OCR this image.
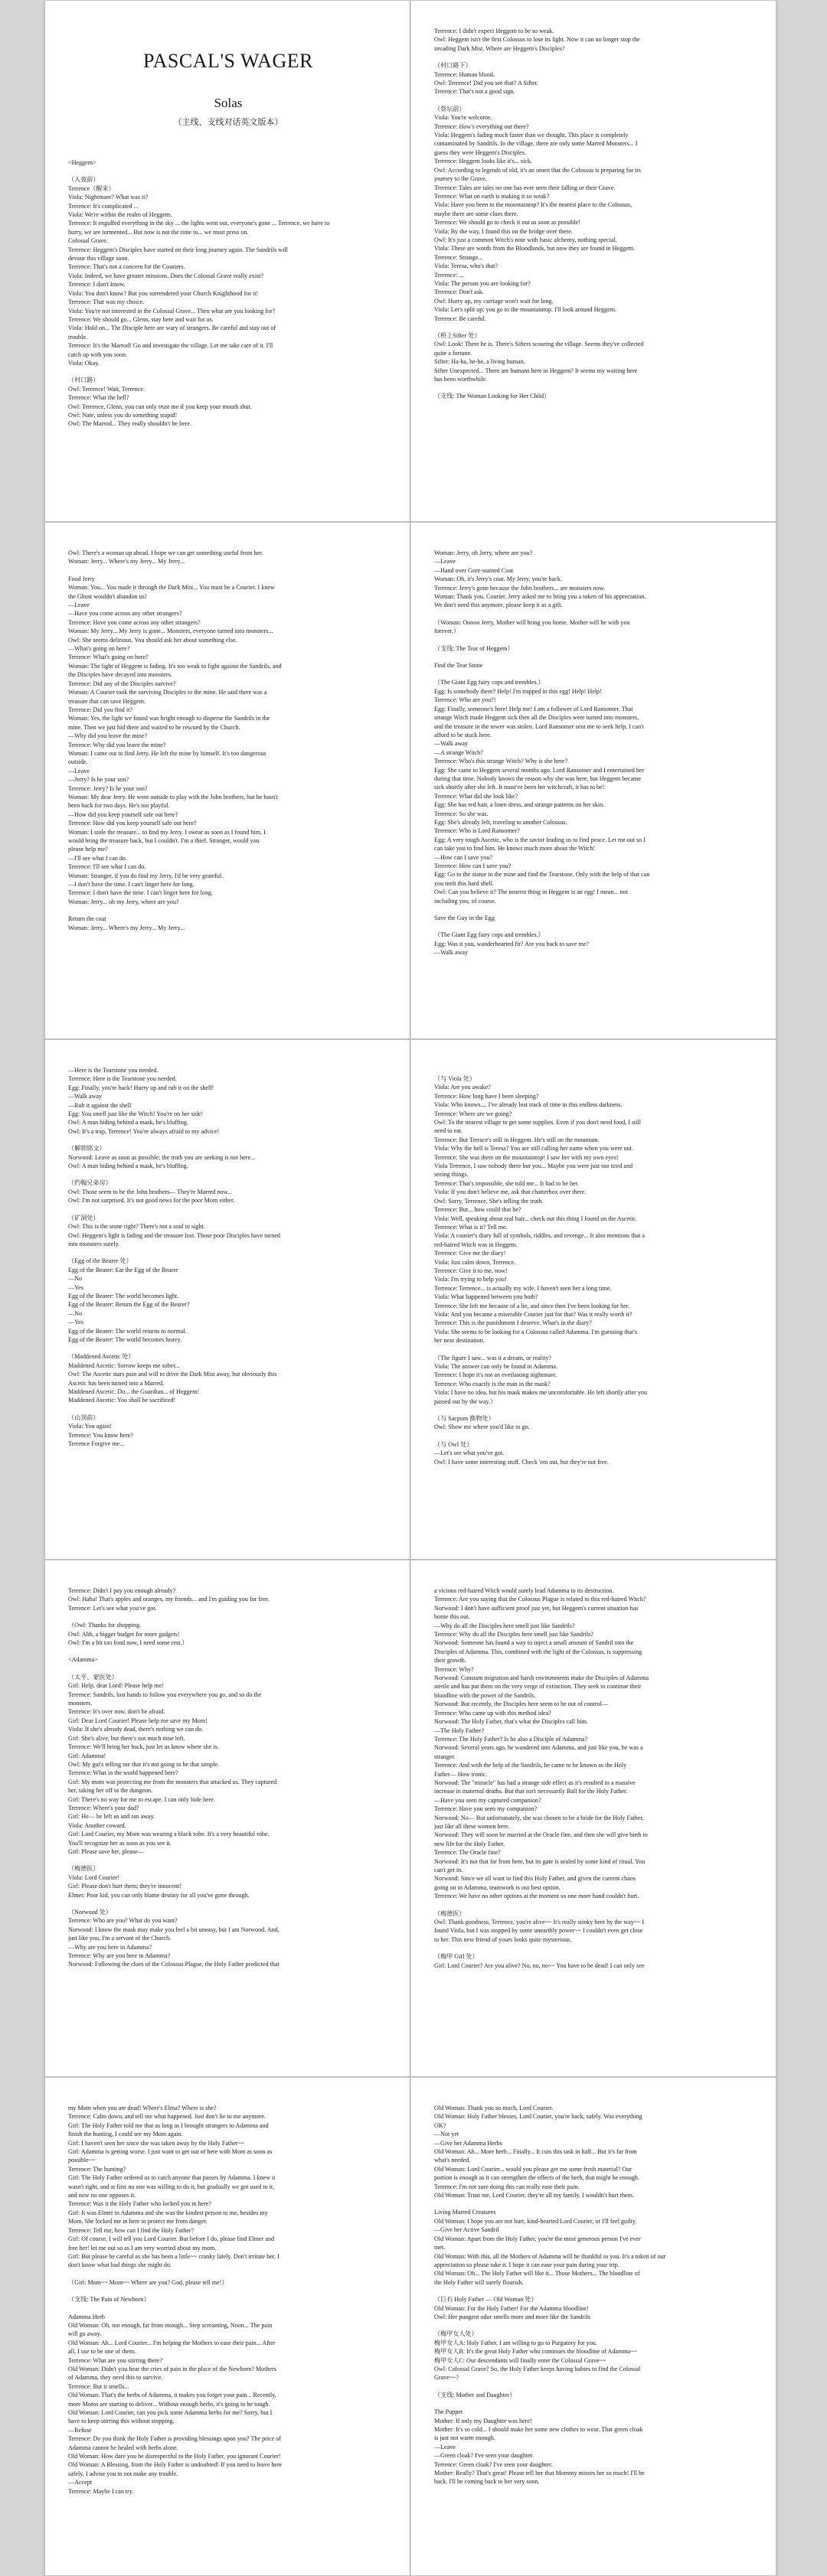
PASCAL'S WAGER
Solas
（主线、支线对话英文版本）
<Heggem>
（入夜前）
Terrence（醒来）
Viola: Nightmare? What was it?
Terrence: It's complicated ...
Viola: We're within the realm of Heggem.
Terrence: It engulfed everything in the sky ... the lights went out, everyone's gone ... Terrence, we have to
hurry, we are tormented... But now is not the time to... we must press on.
Colossal Grave.
Terrence: Heggem's Disciples have started on their long journey again. The Sandrils will
devour this village soon.
Terrence: That's not a concern for the Couriers.
Viola: Indeed, we have greater missions. Does the Colossal Grave really exist?
Terrence: I don't know.
Viola: You don't know? But you surrendered your Church Knighthood for it!
Terrence: That was my choice.
Viola: You're not interested in the Colossal Grave... Then what are you looking for?
Terrence: We should go... Glenn, stay here and wait for us.
Viola: Hold on... The Disciple here are wary of strangers. Be careful and stay out of
trouble.
Terrence: It's the Marrod! Go and investigate the village. Let me take care of it. I'll
catch up with you soon.
Viola: Okay.
（村口路）
Owl: Terrence! Wait, Terrence.
Terrence: What the hell?
Owl: Terrence, Glenn, you can only trust me if you keep your mouth shut.
Owl: Nate, unless you do something stupid!
Owl: The Marrod... They really shouldn't be here.
Terrence: I didn't expect Heggem to be so weak.
Owl: Heggem isn't the first Colossus to lose its light. Now it can no longer stop the
invading Dark Mist. Where are Heggem's Disciples?
（村口路下）
Terrence: Human blood.
Owl: Terrence! Did you see that? A Sifter.
Terrence: That's not a good sign.
（祭坛前）
Viola: You're welcome.
Terrence: How's everything out there?
Viola: Heggem's fading much faster than we thought. This place is completely
contaminated by Sandrils. In the village, there are only some Marred Monsters... I
guess they were Heggem's Disciples.
Terrence: Heggem looks like it's... sick.
Owl: According to legends of old, it's an omen that the Colossus is preparing for its
journey to the Grave.
Terrence: Tales are tales no one has ever seen their falling or their Grave.
Terrence: What on earth is making it so weak?
Viola: Have you been to the mountaintop? It's the nearest place to the Colossus,
maybe there are some clues there.
Terrence: We should go to check it out as soon as possible!
Viola: By the way, I found this on the bridge over there.
Owl: It's just a common Witch's note with basic alchemy, nothing special.
Viola: These are words from the Bloodlands, but now they are found in Heggem.
Terrence: Strange...
Viola: Teresa, who's that?
Terrence: ...
Viola: The person you are looking for?
Terrence: Don't ask.
Owl: Hurry up, my carriage won't wait for long.
Viola: Let's split up; you go to the mountaintop. I'll look around Heggem.
Terrence: Be careful.
（桥上Sifter 处）
Owl: Look! There he is. There's Sifters scouring the village. Seems they've collected
quite a fortune.
Sifter: Ha-ha, he-he, a living human.
Sifter Unexpected... There are humans here in Heggem? It seems my waiting here
has been worthwhile.
（支线: The Woman Looking for Her Child）
Owl: There's a woman up ahead. I hope we can get something useful from her.
Woman: Jerry... Where's my Jerry... My Jerry...
Food Jerry
Woman: You... You made it through the Dark Mist... You must be a Courier. I knew
the Ghost wouldn't abandon us!
—Leave
—Have you come across any other strangers?
Terrence: Have you come across any other strangers?
Woman: My Jerry... My Jerry is gone... Monsters, everyone turned into monsters...
Owl: She seems delirious. You should ask her about something else.
—What's going on here?
Terrence: What's going on here?
Woman: The light of Heggem is fading. It's too weak to fight against the Sandrils, and
the Disciples have decayed into monsters.
Terrence: Did any of the Disciples survive?
Woman: A Courier took the surviving Disciples to the mine. He said there was a
treasure that can save Heggem.
Terrence: Did you find it?
Woman: Yes, the light we found was bright enough to disperse the Sandrils in the
mine. Then we just hid there and waited to be rescued by the Church.
—Why did you leave the mine?
Terrence: Why did you leave the mine?
Woman: I came out to find Jerry. He left the mine by himself. It's too dangerous
outside.
—Leave
—Jerry? Is he your son?
Terrence: Jerry? Is he your son?
Woman: My dear Jerry. He went outside to play with the John brothers, but he hasn't
been back for two days. He's too playful.
—How did you keep yourself safe out here?
Terrence: How did you keep yourself safe out here?
Woman: I stole the treasure... to find my Jerry. I swear as soon as I found him, I
would bring the treasure back, but I couldn't. I'm a thief. Stranger, would you
please help me?
—I'll see what I can do.
Terrence: I'll see what I can do.
Woman: Stranger, if you do find my Jerry, I'd be very grateful.
—I don't have the time. I can't linger here for long.
Terrence: I don't have the time. I can't linger here for long.
Woman: Jerry... oh my Jerry, where are you?
Return the coat
Woman: Jerry... Where's my Jerry... My Jerry...
Woman: Jerry, oh Jerry, where are you?
—Leave
—Hand over Gore-stained Coat
Woman: Oh, it's Jerry's coat. My Jerry, you're back.
Terrence: Jerry's gone because the John brothers... are monsters now.
Woman: Thank you, Courier. Jerry asked me to bring you a token of his appreciation.
We don't need this anymore, please keep it as a gift.
（Woman: Ooooo Jerry, Mother will bring you home. Mother will be with you
forever.）
（支线: The Tear of Heggem）
Find the Tear Stone
（The Giant Egg fairy cops and trembles.）
Egg: Is somebody there? Help! I'm trapped in this egg! Help! Help!
Terrence: Who are you?!
Egg: Finally, someone's here! Help me! I am a follower of Lord Ransomer. That
strange Witch made Heggem sick then all the Disciples were turned into monsters,
and the treasure in the tower was stolen. Lord Ransomer sent me to seek help, I can't
afford to be stuck here.
—Walk away
—A strange Witch?
Terrence: Who's this strange Witch? Why is she here?
Egg: She came to Heggem several months ago. Lord Ransomer and I entertained her
during that time. Nobody knows the reason why she was here, but Heggem became
sick shortly after she left. It must've been her witchcraft, it has to be!
Terrence: What did she look like?
Egg: She has red hair, a linen dress, and strange patterns on her skin.
Terrence: So she was.
Egg: She's already left, traveling to another Colossus.
Terrence: Who is Lord Ransomer?
Egg: A very tough Ascetic, who is the savior leading us to find peace. Let me out so I
can take you to find him. He knows much more about the Witch!
—How can I save you?
Terrence: How can I save you?
Egg: Go to the statue in the mine and find the Tearstone. Only with the help of that can
you melt this hard shell.
Owl: Can you believe it? The nearest thing in Heggem is an egg! I mean... not
including you, of course.
Save the Guy in the Egg
（The Giant Egg fairy cops and trembles.）
Egg: Was it you, wanderhearted fir? Are you back to save me?
—Walk away
—Here is the Tearstone you needed.
Terrence: Here is the Tearstone you needed.
Egg: Finally, you're back! Hurry up and rub it on the shell!
—Walk away
—Rub it against the shell
Egg: You smell just like the Witch! You're on her side!
Owl: A man hiding behind a mask, he's bluffing.
Owl: It's a trap, Terrence! You're always afraid to my advice!
（解锁铭文）
Norwood: Leave as soon as possible; the truth you are seeking is not here...
Owl: A man hiding behind a mask, he's bluffing.
（约翰兄弟房）
Owl: Those seem to be the John brothers— They're Marred now...
Owl: I'm not surprised. It's not good news for the poor Mom either.
（矿洞处）
Owl: This is the stone right? There's not a soul in sight.
Owl: Heggem's light is fading and the treasure lost. Those poor Disciples have turned
into monsters surely.
（Egg of the Bearer 处）
Egg of the Bearer: Eat the Egg of the Bearer
—No
—Yes
Egg of the Bearer: The world becomes light.
Egg of the Bearer: Return the Egg of the Bearer?
—No
—Yes
Egg of the Bearer: The world returns to normal.
Egg of the Bearer: The world becomes heavy.
（Maddened Ascetic 处）
Maddened Ascetic: Sorrow keeps me sober...
Owl: The Ascetic stars pain and will to drive the Dark Mist away, but obviously this
Ascetic has been turned into a Marred.
Maddened Ascetic: Do... the Guardian... of Heggem!
Maddened Ascetic: You shall be sacrificed!
（山顶前）
Viola: You again!
Terrence: You know here?
Terrence Forgive me...
（与 Viola 处）
Viola: Are you awake?
Terrence: How long have I been sleeping?
Viola: Who knows.... I've already lost track of time in this endless darkness.
Terrence: Where are we going?
Owl: To the nearest village to get some supplies. Even if you don't need food, I still
need to eat.
Terrence: But Terrace's still in Heggem. He's still on the mountain.
Viola: Why the hell is Teresa? You are still calling her name when you were out.
Terrence: She was there on the mountaintop! I saw her with my own eyes!
Viola Terrence, I saw nobody there but you... Maybe you were just too tired and
seeing things.
Terrence: That's impossible, she told me... It had to be her.
Viola: If you don't believe me, ask that chatterbox over there.
Owl: Sorry, Terrence, She's telling the truth.
Terrence: But... how could that be?
Viola: Well, speaking about real hair... check out this thing I found on the Ascetic.
Terrence: What is it? Tell me.
Viola: A courier's diary full of symbols, riddles, and revenge... It also mentions that a
red-haired Witch was in Heggem.
Terrence: Give me the diary!
Viola: Just calm down, Terrence.
Terrence: Give it to me, now!
Viola: I'm trying to help you!
Terrence: Terrence... is actually my wife. I haven't seen her a long time.
Viola: What happened between you both?
Terrence: She left me because of a lie, and since then I've been looking for her.
Viola: And you became a miserable Courier just for that? Was it really worth it?
Terrence: This is the punishment I deserve. What's in the diary?
Viola: She seems to be looking for a Colossus called Adamma. I'm guessing that's
her next destination.
（The figure I saw... was it a dream, or reality?
Viola: The answer can only be found in Adamma.
Terrence: I hope it's not an everlasting nightmare.
Terrence: Who exactly is the man in the mask?
Viola: I have no idea, but his mask makes me uncomfortable. He left shortly after you
passed out by the way.）
（与 Sacpum 换物处）
Owl: Show me where you'd like to go.
（与 Owl 处）
—Let's see what you've got.
Owl: I have some interesting stuff. Check 'em out, but they're not free.
Terrence: Didn't I pay you enough already?
Owl: Haha! That's apples and oranges, my friends... and I'm guiding you for free.
Terrence: Let's see what you've got.
（Owl: Thanks for shopping.
Owl: Ahh, a bigger budget for more gadgets!
Owl: I'm a bit too fond now, I need some rest.）
<Adamma>
（太平、蒙医处）
Girl: Help, dear Lord! Please help me!
Terrence: Sandrils, lost hands to follow you everywhere you go, and so do the
monsters.
Terrence: It's over now, don't be afraid.
Girl: Dear Lord Courier! Please help me save my Mom!
Viola: If she's already dead, there's nothing we can do.
Girl: She's alive, but there's not much time left.
Terrence: We'll bring her back, just let us know where she is.
Girl: Adamma!
Owl: My gut's telling me that it's not going to be that simple.
Terrence: What in the world happened here?
Girl: My mom was protecting me from the monsters that attacked us. They captured
her, taking her off to the dungeon.
Girl: There's no way for me to escape. I can only hide here.
Terrence: Where's your dad?
Girl: He— he left us and ran away.
Viola: Another coward.
Girl: Lord Courier, my Mom was wearing a black robe. It's a very beautiful robe.
You'll recognize her as soon as you see it.
Girl: Please save her, please—
（梅德医）
Viola: Lord Courier!
Girl: Please don't hurt them; they're innocent!
Elmer: Poor kid, you can only blame destiny for all you've gone through.
（Norwood 处）
Terrence: Who are you? What do you want?
Norwood: I know the mask may make you feel a bit uneasy, but I am Norwood. And,
just like you, I'm a servant of the Church.
—Why are you here in Adamma?
Terrence: Why are you here in Adamma?
Norwood: Following the clues of the Colossus Plague, the Holy Father predicted that
a vicious red-haired Witch would surely lead Adamma to its destruction.
Terrence: Are you saying that the Colossus Plague is related to this red-haired Witch?
Norwood: I don't have sufficient proof just yet, but Heggem's current situation has
borne this out.
—Why do all the Disciples here smell just like Sandrils?
Terrence: Why do all the Disciples here smell just like Sandrils?
Norwood: Someone has found a way to inject a small amount of Sandril into the
Disciples of Adamma. This, combined with the light of the Colossus, is suppressing
their growth.
Terrence: Why?
Norwood: Constant migration and harsh environments make the Disciples of Adamma
sterile and has put them on the very verge of extinction. They seek to continue their
bloodline with the power of the Sandrils.
Norwood: But recently, the Disciples here seem to be out of control—
Terrence: Who came up with this method idea?
Norwood: The Holy Father, that's what the Disciples call him.
—The Holy Father?
Terrence: The Holy Father? Is he also a Disciple of Adamma?
Norwood: Several years ago, he wandered into Adamma, and just like you, he was a
stranger.
Terrence: And with the help of the Sandrils, he came to be known as the Holy
Father— How ironic.
Norwood: The "miracle" has had a strange side effect as it's resulted in a massive
increase in maternal deaths. But that isn't necessarily Ball for the Holy Father.
—Have you seen my captured companion?
Terrence: Have you seen my companion?
Norwood: No— But unfortunately, she was chosen to be a bride for the Holy Father,
just like all these women here.
Norwood: They will soon be married at the Oracle fine, and then she will give birth to
new life for the Holy Father.
Terrence: The Oracle fine?
Norwood: It's not that far from here, but its gate is sealed by some kind of ritual. You
can't get in.
Norwood: Since we all want to find this Holy Father, and given the current chaos
going on in Adamma, teamwork is our best option.
Terrence: We have no other options at the moment so one more hand couldn't hurt.
（梅德医）
Owl: Thank goodness, Terrence, you're alive~~ It's really stinky here by the way~~ I
found Viola, but I was stopped by some unearthly power~~ I couldn't even get close
to her. This new friend of yours looks quite mysterious.
（梅甲 Girl 处）
Girl: Lord Courier? Are you alive? No, no, no~~ You have to be dead! I can only see
my Mom when you are dead! Where's Elma? Where is she?
Terrence: Calm down, and tell me what happened. Just don't lie to me anymore.
Girl: The Holy Father told me that as long as I brought strangers to Adamma and
finish the hunting, I could see my Mom again.
Girl: I haven't seen her since she was taken away by the Holy Father~~
Girl: Adamma is getting worse. I just want to get out of here with Mom as soon as
possible~~
Terrence: The hunting?
Girl: The Holy Father ordered us to catch anyone that passes by Adamma. I knew it
wasn't right, and at first no one was willing to do it, but gradually we got used to it,
and now no one opposes it.
Terrence: Was it the Holy Father who locked you in here?
Girl: It was Elmer in Adamma and she was the kindest person to me, besides my
Mom. She locked me in here to protect me from danger.
Terrence: Tell me, how can I find the Holy Father?
Girl: Of course, I will tell you Lord Courier. But before I do, please find Elmer and
free her! let me out so as I am very worried about my mom.
Girl: But please be careful as she has been a little~~ cranky lately. Don't irritate her, I
don't know what bad things she might do.
（Girl: Mom~~ Mom~~ Where are you? God, please tell me!）
（支线: The Pain of Newborn）
Adamma Herb
Old Woman: Oh, not enough, far from enough... Step screaming, Noon... The pain
will go away.
Old Woman: Ah... Lord Courier... I'm helping the Mothers to ease their pain... After
all, I use to be one of them.
Terrence: What are you stirring there?
Old Woman: Didn't you hear the cries of pain in the place of the Newborn? Mothers
of Adamma, they need this to survive.
Terrence: But it smells...
Old Woman: That's the herbs of Adamma, it makes you forget your pain... Recently,
more Moms are starting to deliver... Without enough herbs, it's going to be tough.
Old Woman: Lord Courier, can you pick some Adamma herbs for me? Sorry, but I
have to keep stirring this without stopping.
—Refuse
Terrence: Do you think the Holy Father is providing blessings upon you? The price of
Adamma cannot be healed with herbs alone.
Old Woman: How dare you be disrespectful to the Holy Father, you ignorant Courier!
Old Woman: A Blessing, from the Holy Father is undoubted! If you need to leave here
safely, I advise you to not make any trouble.
—Accept
Terrence: Maybe I can try.
Old Woman: Thank you so much, Lord Courier.
Old Woman: Holy Father blesses, Lord Courier, you're back, safely. Was everything
OK?
—Not yet
—Give her Adamma Herbs
Old Woman: Ah... More herb... Finally... It cuts this task in half... But it's far from
what's needed.
Old Woman: Lord Courier... would you please get me some fresh material? Our
portion is enough as it can strengthen the effects of the herb, that might be enough.
Terrence: I'm not sure doing this can really ease their pain.
Old Woman: Trust me, Lord Courier, they're all my family, I wouldn't hurt them.
Living Marred Creatures
Old Woman: I hope you are not hurt, kind-hearted Lord Courier, or I'll feel guilty.
—Give her Active Sandril
Old Woman: Apart from the Holy Father, you're the most generous person I've ever
met.
Old Woman: With this, all the Mothers of Adamma will be thankful to you. It's a token of our
appreciation so please take it. I hope it can ease your pain during your trip.
Old Woman: Oh... The Holy Father will like it... Those Mothers... The bloodline of
the Holy Father will surely flourish.
（巨石 Holy Father — Old Woman 处）
Old Woman: For the Holy Father! For the Adamma bloodline!
Owl: Her pungent odor smells more and more like the Sandrils
（梅甲女人处）
梅甲女人A: Holy Father, I am willing to go to Purgatory for you.
梅甲女人B: It's the great Holy Father who continues the bloodline of Adamma~~
梅甲女人C: Our descendants will finally enter the Colossal Grave~~
Owl: Colossal Grave? So, the Holy Father keeps having babies to find the Colossal
Grave~~?
（支线: Mother and Daughter）
The Puppet
Mother: If only my Daughter was here!
Mother: It's so cold... I should make her some new clothes to wear. That green cloak
is just not warm enough.
—Leave
—Green cloak? I've seen your daughter.
Terrence: Green cloak? I've seen your daughter.
Mother: Really? That's great! Please tell her that Mommy misses her so much! I'll be
back. I'll be coming back to her very soon.
